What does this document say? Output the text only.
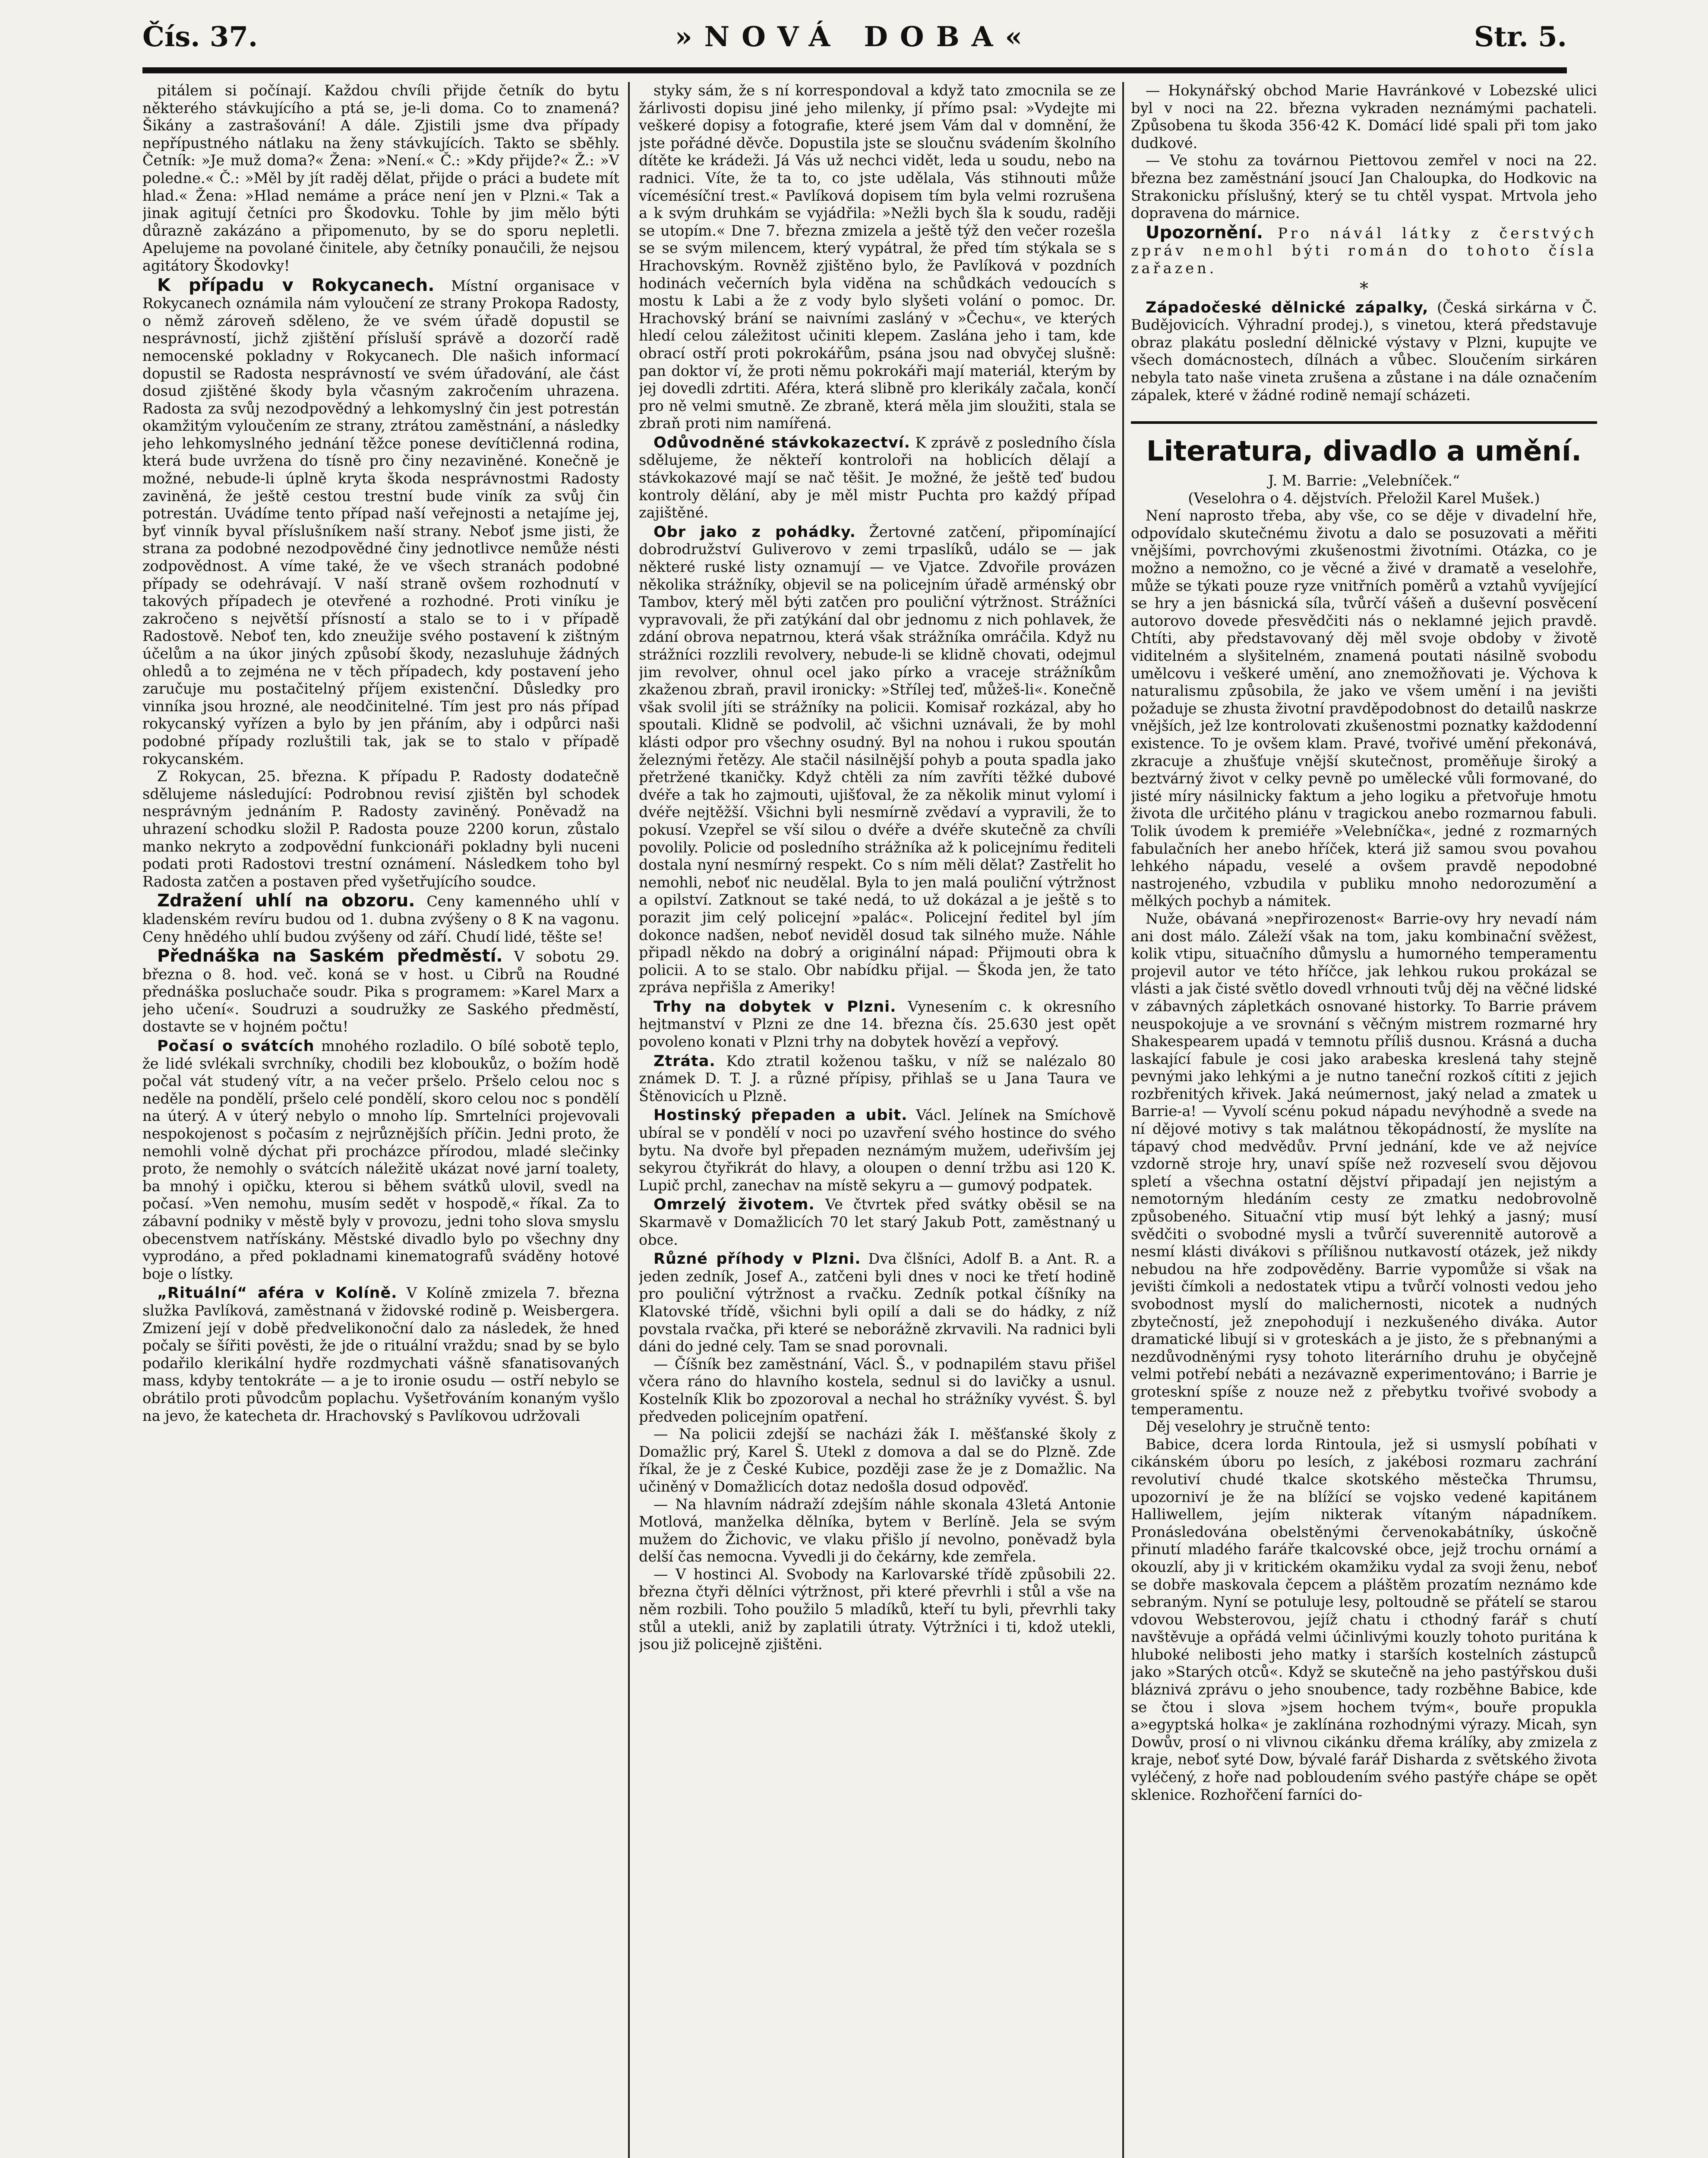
Čís. 37.	»NOVÁ DOBA«	Str. 5.

pitálem si počínají. Každou chvíli přijde četník do bytu některého stávkujícího a ptá se, je-li doma. Co to znamená? Šikány a zastrašování! A dále. Zjistili jsme dva případy nepřípustného nátlaku na ženy stávkujících. Takto se sběhly. Četník: »Je muž doma?« Žena: »Není.« Č.: »Kdy přijde?« Ž.: »V poledne.« Č.: »Měl by jít raděj dělat, přijde o práci a budete mít hlad.« Žena: »Hlad nemáme a práce není jen v Plzni.« Tak a jinak agitují četníci pro Škodovku. Tohle by jim mělo býti důrazně zakázáno a připomenuto, by se do sporu nepletli. Apelujeme na povolané činitele, aby četníky ponaučili, že nejsou agitátory Škodovky!

K případu v Rokycanech. Místní organisace v Rokycanech oznámila nám vyloučení ze strany Prokopa Radosty, o němž zároveň sděleno, že ve svém úřadě dopustil se nesprávností, jichž zjištění přísluší správě a dozorčí radě nemocenské pokladny v Rokycanech. Dle našich informací dopustil se Radosta nesprávností ve svém úřadování, ale část dosud zjištěné škody byla včasným zakročením uhrazena. Radosta za svůj nezodpovědný a lehkomyslný čin jest potrestán okamžitým vyloučením ze strany, ztrátou zaměstnání, a následky jeho lehkomyslného jednání těžce ponese devítičlenná rodina, která bude uvržena do tísně pro činy nezaviněné. Konečně je možné, nebude-li úplně kryta škoda nesprávnostmi Radosty zaviněná, že ještě cestou trestní bude viník za svůj čin potrestán. Uvádíme tento případ naší veřejnosti a netajíme jej, byť vinník byval příslušníkem naší strany. Neboť jsme jisti, že strana za podobné nezodpovědné činy jednotlivce nemůže nésti zodpovědnost. A víme také, že ve všech stranách podobné případy se odehrávají. V naší straně ovšem rozhodnutí v takových případech je otevřené a rozhodné. Proti viníku je zakročeno s největší přísností a stalo se to i v případě Radostově. Neboť ten, kdo zneužije svého postavení k zištným účelům a na úkor jiných způsobí škody, nezasluhuje žádných ohledů a to zejména ne v těch případech, kdy postavení jeho zaručuje mu postačitelný příjem existenční. Důsledky pro vinníka jsou hrozné, ale neodčinitelné. Tím jest pro nás případ rokycanský vyřízen a bylo by jen přáním, aby i odpůrci naši podobné případy rozluštili tak, jak se to stalo v případě rokycanském.

Z Rokycan, 25. března. K případu P. Radosty dodatečně sdělujeme následující: Podrobnou revisí zjištěn byl schodek nesprávným jednáním P. Radosty zaviněný. Poněvadž na uhrazení schodku složil P. Radosta pouze 2200 korun, zůstalo manko nekryto a zodpovědní funkcionáři pokladny byli nuceni podati proti Radostovi trestní oznámení. Následkem toho byl Radosta zatčen a postaven před vyšetřujícího soudce.

Zdražení uhlí na obzoru. Ceny kamenného uhlí v kladenském revíru budou od 1. dubna zvýšeny o 8 K na vagonu. Ceny hnědého uhlí budou zvýšeny od září. Chudí lidé, těšte se!

Přednáška na Saském předměstí. V sobotu 29. března o 8. hod. več. koná se v host. u Cibrů na Roudné přednáška posluchače soudr. Pika s programem: »Karel Marx a jeho učení«. Soudruzi a soudružky ze Saského předměstí, dostavte se v hojném počtu!

Počasí o svátcích mnohého rozladilo. O bílé sobotě teplo, že lidé svlékali svrchníky, chodili bez kloboukůz, o božím hodě počal vát studený vítr, a na večer pršelo. Pršelo celou noc s neděle na pondělí, pršelo celé pondělí, skoro celou noc s pondělí na úterý. A v úterý nebylo o mnoho líp. Smrtelníci projevovali nespokojenost s počasím z nejrůznějších příčin. Jedni proto, že nemohli volně dýchat při procházce přírodou, mladé slečinky proto, že nemohly o svátcích náležitě ukázat nové jarní toalety, ba mnohý i opičku, kterou si během svátků ulovil, svedl na počasí. »Ven nemohu, musím sedět v hospodě,« říkal. Za to zábavní podniky v městě byly v provozu, jedni toho slova smyslu obecenstvem natřískány. Městské divadlo bylo po všechny dny vyprodáno, a před pokladnami kinematografů sváděny hotové boje o lístky.

„Rituální“ aféra v Kolíně. V Kolíně zmizela 7. března služka Pavlíková, zaměstnaná v židovské rodině p. Weisbergera. Zmizení její v době předvelikonoční dalo za následek, že hned počaly se šířiti pověsti, že jde o rituální vraždu; snad by se bylo podařilo klerikální hydře rozdmychati vášně sfanatisovaných mass, kdyby tentokráte — a je to ironie osudu — ostří nebylo se obrátilo proti původcům poplachu. Vyšetřováním konaným vyšlo na jevo, že katecheta dr. Hrachovský s Pavlíkovou udržovali

styky sám, že s ní korrespondoval a když tato zmocnila se ze žárlivosti dopisu jiné jeho milenky, jí přímo psal: »Vydejte mi veškeré dopisy a fotografie, které jsem Vám dal v domnění, že jste pořádné děvče. Dopustila jste se sloučnu svádením školního dítěte ke krádeži. Já Vás už nechci vidět, leda u soudu, nebo na radnici. Víte, že ta to, co jste udělala, Vás stihnouti může vícemésíční trest.« Pavlíková dopisem tím byla velmi rozrušena a k svým druhkám se vyjádřila: »Nežli bych šla k soudu, raději se utopím.« Dne 7. března zmizela a ještě týž den večer rozešla se se svým milencem, který vypátral, že před tím stýkala se s Hrachovským. Rovněž zjištěno bylo, že Pavlíková v pozdních hodinách večerních byla viděna na schůdkách vedoucích s mostu k Labi a že z vody bylo slyšeti volání o pomoc. Dr. Hrachovský brání se naivními zasláný v »Čechu«, ve kterých hledí celou záležitost učiniti klepem. Zaslána jeho i tam, kde obrací ostří proti pokrokářům, psána jsou nad obvyčej slušně: pan doktor ví, že proti němu pokrokáři mají materiál, kterým by jej dovedli zdrtiti. Aféra, která slibně pro klerikály začala, končí pro ně velmi smutně. Ze zbraně, která měla jim sloužiti, stala se zbraň proti nim namířená.

Odůvodněné stávkokazectví. K zprávě z posledního čísla sdělujeme, že někteří kontroloři na hoblicích dělají a stávkokazové mají se nač těšit. Je možné, že ještě teď budou kontroly dělání, aby je měl mistr Puchta pro každý případ zajištěné.

Obr jako z pohádky. Žertovné zatčení, připomínající dobrodružství Guliverovo v zemi trpaslíků, událo se — jak některé ruské listy oznamují — ve Vjatce. Zdvořile provázen několika strážníky, objevil se na policejním úřadě arménský obr Tambov, který měl býti zatčen pro pouliční výtržnost. Strážníci vypravovali, že při zatýkání dal obr jednomu z nich pohlavek, že zdání obrova nepatrnou, která však strážníka omráčila. Když nu strážníci rozzlili revolvery, nebude-li se klidně chovati, odejmul jim revolver, ohnul ocel jako pírko a vraceje strážníkům zkaženou zbraň, pravil ironicky: »Střílej teď, můžeš-li«. Konečně však svolil jíti se strážníky na policii. Komisař rozkázal, aby ho spoutali. Klidně se podvolil, ač všichni uznávali, že by mohl klásti odpor pro všechny osudný. Byl na nohou i rukou spoután železnými řetězy. Ale stačil násilnější pohyb a pouta spadla jako přetržené tkaničky. Když chtěli za ním zavříti těžké dubové dvéře a tak ho zajmouti, ujišťoval, že za několik minut vylomí i dvéře nejtěžší. Všichni byli nesmírně zvědaví a vypravili, že to pokusí. Vzepřel se vší silou o dvéře a dvéře skutečně za chvíli povolily. Policie od posledního strážníka až k policejnímu řediteli dostala nyní nesmírný respekt. Co s ním měli dělat? Zastřelit ho nemohli, neboť nic neudělal. Byla to jen malá pouliční výtržnost a opilství. Zatknout se také nedá, to už dokázal a je ještě s to porazit jim celý policejní »palác«. Policejní ředitel byl jím dokonce nadšen, neboť neviděl dosud tak silného muže. Náhle připadl někdo na dobrý a originální nápad: Přijmouti obra k policii. A to se stalo. Obr nabídku přijal. — Škoda jen, že tato zpráva nepřišla z Ameriky!

Trhy na dobytek v Plzni. Vynesením c. k okresního hejtmanství v Plzni ze dne 14. března čís. 25.630 jest opět povoleno konati v Plzni trhy na dobytek hovězí a vepřový.

Ztráta. Kdo ztratil koženou tašku, v níž se nalézalo 80 známek D. T. J. a různé přípisy, přihlaš se u Jana Taura ve Štěnovicích u Plzně.

Hostinský přepaden a ubit. Václ. Jelínek na Smíchově ubíral se v pondělí v noci po uzavření svého hostince do svého bytu. Na dvoře byl přepaden neznámým mužem, udeřivším jej sekyrou čtyřikrát do hlavy, a oloupen o denní tržbu asi 120 K. Lupič prchl, zanechav na místě sekyru a — gumový podpatek.

Omrzelý životem. Ve čtvrtek před svátky oběsil se na Skarmavě v Domažlicích 70 let starý Jakub Pott, zaměstnaný u obce.

Různé příhody v Plzni. Dva člšníci, Adolf B. a Ant. R. a jeden zedník, Josef A., zatčeni byli dnes v noci ke třetí hodině pro pouliční výtržnost a rvačku. Zedník potkal číšníky na Klatovské třídě, všichni byli opilí a dali se do hádky, z níž povstala rvačka, při které se neborážně zkrvavili. Na radnici byli dáni do jedné cely. Tam se snad porovnali.

— Číšník bez zaměstnání, Václ. Š., v podnapilém stavu přišel včera ráno do hlavního kostela, sednul si do lavičky a usnul. Kostelník Klik bo zpozoroval a nechal ho strážníky vyvést. Š. byl předveden policejním opatření.

— Na policii zdejší se nacházi žák I. měšťanské školy z Domažlic prý, Karel Š. Utekl z domova a dal se do Plzně. Zde říkal, že je z České Kubice, později zase že je z Domažlic. Na učiněný v Domažlicích dotaz nedošla dosud odpověď.

— Na hlavním nádraží zdejším náhle skonala 43letá Antonie Motlová, manželka dělníka, bytem v Berlíně. Jela se svým mužem do Žichovic, ve vlaku přišlo jí nevolno, poněvadž byla delší čas nemocna. Vyvedli ji do čekárny, kde zemřela.

— V hostinci Al. Svobody na Karlovarské třídě způsobili 22. března čtyři dělníci výtržnost, při které převrhli i stůl a vše na něm rozbili. Toho použilo 5 mladíků, kteří tu byli, převrhli taky stůl a utekli, aniž by zaplatili útraty. Výtržníci i ti, kdož utekli, jsou již policejně zjištěni.

— Hokynářský obchod Marie Havránkové v Lobezské ulici byl v noci na 22. března vykraden neznámými pachateli. Způsobena tu škoda 356·42 K. Domácí lidé spali při tom jako dudkové.

— Ve stohu za továrnou Piettovou zemřel v noci na 22. března bez zaměstnání jsoucí Jan Chaloupka, do Hodkovic na Strakonicku příslušný, který se tu chtěl vyspat. Mrtvola jeho dopravena do márnice.

Upozornění. Pro návál látky z čerstvých zpráv nemohl býti román do tohoto čísla zařazen.

*

Západočeské dělnické zápalky, (Česká sirkárna v Č. Budějovicích. Výhradní prodej.), s vinetou, která představuje obraz plakátu poslední dělnické výstavy v Plzni, kupujte ve všech domácnostech, dílnách a vůbec. Sloučením sirkáren nebyla tato naše vineta zrušena a zůstane i na dále označením zápalek, které v žádné rodině nemají scházeti.

Literatura, divadlo a umění.

J. M. Barrie: „Velebníček.“

(Veselohra o 4. dějstvích. Přeložil Karel Mušek.)

Není naprosto třeba, aby vše, co se děje v divadelní hře, odpovídalo skutečnému životu a dalo se posuzovati a měřiti vnějšími, povrchovými zkušenostmi životními. Otázka, co je možno a nemožno, co je věcné a živé v dramatě a veselohře, může se týkati pouze ryze vnitřních poměrů a vztahů vyvíjející se hry a jen básnická síla, tvůrčí vášeň a duševní posvěcení autorovo dovede přesvědčiti nás o neklamné jejich pravdě. Chtíti, aby představovaný děj měl svoje obdoby v životě viditelném a slyšitelném, znamená poutati násilně svobodu umělcovu i veškeré umění, ano znemožňovati je. Výchova k naturalismu způsobila, že jako ve všem umění i na jevišti požaduje se zhusta životní pravděpodobnost do detailů naskrze vnějších, jež lze kontrolovati zkušenostmi poznatky každodenní existence. To je ovšem klam. Pravé, tvořivé umění překonává, zkracuje a zhušťuje vnější skutečnost, proměňuje široký a beztvárný život v celky pevně po umělecké vůli formované, do jisté míry násilnicky faktum a jeho logiku a přetvořuje hmotu života dle určitého plánu v tragickou anebo rozmarnou fabuli. Tolik úvodem k premiéře »Velebníčka«, jedné z rozmarných fabulačních her anebo hříček, která již samou svou povahou lehkého nápadu, veselé a ovšem pravdě nepodobné nastrojeného, vzbudila v publiku mnoho nedorozumění a mělkých pochyb a námitek.

Nuže, obávaná »nepřirozenost« Barrie-ovy hry nevadí nám ani dost málo. Záleží však na tom, jaku kombinační svěžest, kolik vtipu, situačního důmyslu a humorného temperamentu projevil autor ve této hříčce, jak lehkou rukou prokázal se vlásti a jak čisté světlo dovedl vrhnouti tvůj děj na věčné lidské v zábavných zápletkách osnované historky. To Barrie právem neuspokojuje a ve srovnání s věčným mistrem rozmarné hry Shakespearem upadá v temnotu příliš dusnou. Krásná a ducha laskající fabule je cosi jako arabeska kreslená tahy stejně pevnými jako lehkými a je nutno taneční rozkoš cítiti z jejich rozbřenitých křivek. Jaká neúmernost, jaký nelad a zmatek u Barrie-a! — Vyvolí scénu pokud nápadu nevýhodně a svede na ní dějové motivy s tak malátnou těkopádností, že myslíte na tápavý chod medvědův. První jednání, kde ve až nejvíce vzdorně stroje hry, unaví spíše než rozveselí svou dějovou spletí a všechna ostatní dějství připadají jen nejistým a nemotorným hledáním cesty ze zmatku nedobrovolně způsobeného. Situační vtip musí být lehký a jasný; musí svědčiti o svobodné mysli a tvůrčí suverennitě autorově a nesmí klásti divákovi s přílišnou nutkavostí otázek, jež nikdy nebudou na hře zodpověděny. Barrie vypomůže si však na jevišti čímkoli a nedostatek vtipu a tvůrčí volnosti vedou jeho svobodnost myslí do malichernosti, nicotek a nudných zbytečností, jež znepohodují i nezkušeného diváka. Autor dramatické libují si v groteskách a je jisto, že s přebnanými a nezdůvodněnými rysy tohoto literárního druhu je obyčejně velmi potřebí nebáti a nezávazně experimentováno; i Barrie je groteskní spíše z nouze než z přebytku tvořivé svobody a temperamentu.

Děj veselohry je stručně tento:

Babice, dcera lorda Rintoula, jež si usmyslí pobíhati v cikánském úboru po lesích, z jakébosi rozmaru zachrání revolutiví chudé tkalce skotského městečka Thrumsu, upozorniví je že na blížící se vojsko vedené kapitánem Halliwellem, jejím nikterak vítaným nápadníkem. Pronásledována obelstěnými červenokabátníky, úskočně přinutí mladého faráře tkalcovské obce, jejž trochu ornámí a okouzlí, aby ji v kritickém okamžiku vydal za svoji ženu, neboť se dobře maskovala čepcem a pláštěm prozatím neznámo kde sebraným. Nyní se potuluje lesy, poltoudně se přátelí se starou vdovou Websterovou, jejíž chatu i cthodný farář s chutí navštěvuje a opřádá velmi účinlivými kouzly tohoto puritána k hluboké nelibosti jeho matky i starších kostelních zástupců jako »Starých otců«. Když se skutečně na jeho pastýřskou duši bláznivá zprávu o jeho snoubence, tady rozběhne Babice, kde se čtou i slova »jsem hochem tvým«, bouře propukla a»egyptská holka« je zaklínána rozhodnými výrazy. Micah, syn Dowův, prosí o ni vlivnou cikánku dřema králíky, aby zmizela z kraje, neboť syté Dow, bývalé farář Disharda z světského života vyléčený, z hoře nad pobloudením svého pastýře chápe se opět sklenice. Rozhořčení farníci do-
